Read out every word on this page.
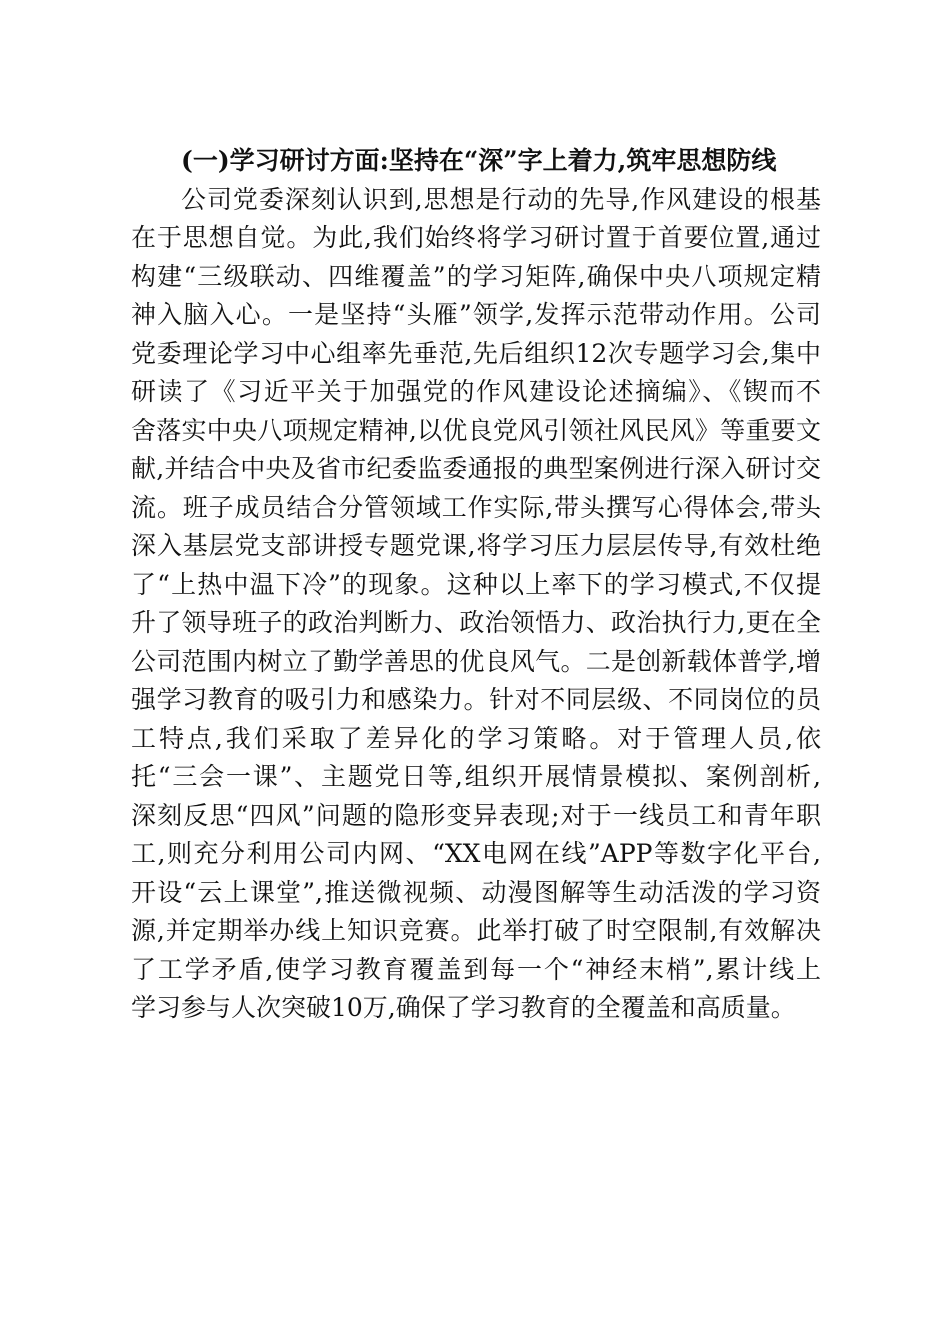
(一)学习研讨方面:坚持在“深”字上着力,筑牢思想防线

公司党委深刻认识到,思想是行动的先导,作风建设的根基

在于思想自觉。为此,我们始终将学习研讨置于首要位置,通过

构建“三级联动、四维覆盖”的学习矩阵,确保中央八项规定精

神入脑入心。一是坚持“头雁”领学,发挥示范带动作用。公司

党委理论学习中心组率先垂范,先后组织12次专题学习会,集中

研读了《习近平关于加强党的作风建设论述摘编》、《锲而不

舍落实中央八项规定精神,以优良党风引领社风民风》等重要文

献,并结合中央及省市纪委监委通报的典型案例进行深入研讨交

流。班子成员结合分管领域工作实际,带头撰写心得体会,带头

深入基层党支部讲授专题党课,将学习压力层层传导,有效杜绝

了“上热中温下冷”的现象。这种以上率下的学习模式,不仅提

升了领导班子的政治判断力、政治领悟力、政治执行力,更在全

公司范围内树立了勤学善思的优良风气。二是创新载体普学,增

强学习教育的吸引力和感染力。针对不同层级、不同岗位的员

工特点,我们采取了差异化的学习策略。对于管理人员,依

托“三会一课”、主题党日等,组织开展情景模拟、案例剖析,

深刻反思“四风”问题的隐形变异表现;对于一线员工和青年职

工,则充分利用公司内网、“XX电网在线”APP等数字化平台,

开设“云上课堂”,推送微视频、动漫图解等生动活泼的学习资

源,并定期举办线上知识竞赛。此举打破了时空限制,有效解决

了工学矛盾,使学习教育覆盖到每一个“神经末梢”,累计线上

学习参与人次突破10万,确保了学习教育的全覆盖和高质量。
